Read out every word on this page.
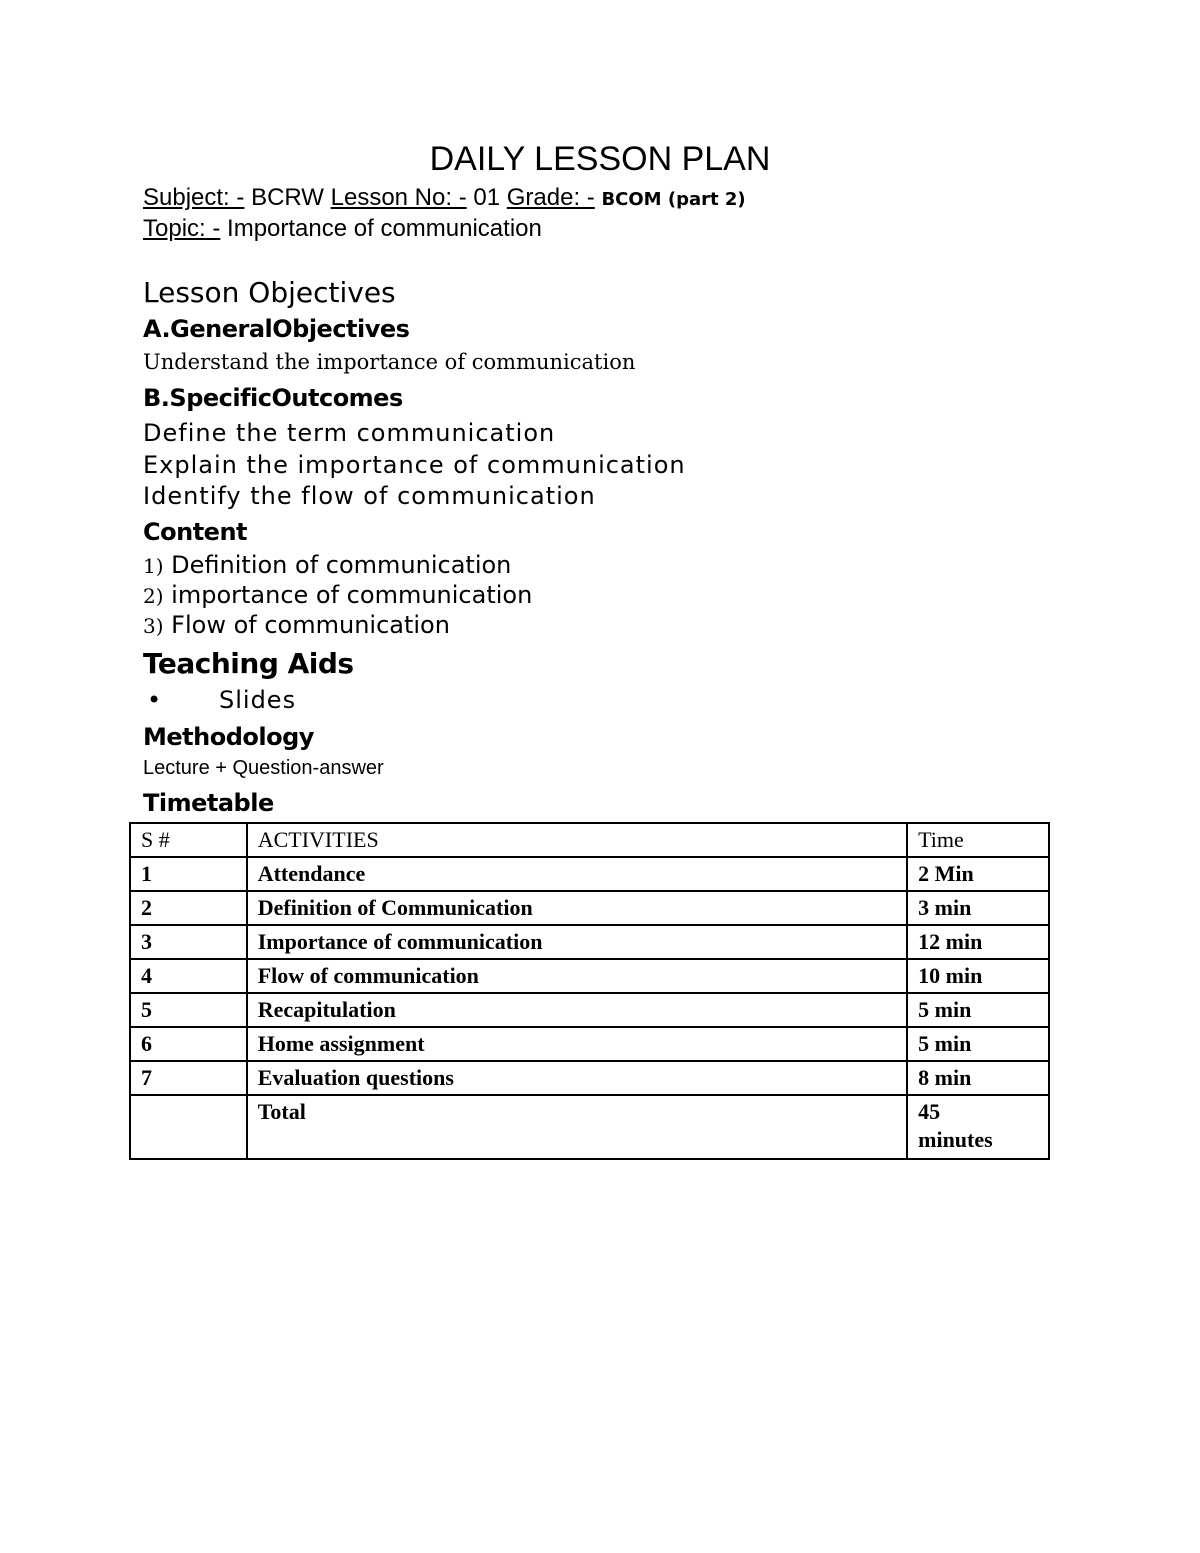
DAILY LESSON PLAN
Subject: - BCRW Lesson No: - 01 Grade: - BCOM (part 2)
Topic: - Importance of communication
Lesson Objectives
A.GeneralObjectives
Understand the importance of communication
B.SpecificOutcomes
Define the term communication
Explain the importance of communication
Identify the flow of communication
Content
1) Definition of communication
2) importance of communication
3) Flow of communication
Teaching Aids
• Slides
Methodology
Lecture + Question-answer
Timetable
S #	ACTIVITIES	Time
1	Attendance	2 Min
2	Definition of Communication	3 min
3	Importance of communication	12 min
4	Flow of communication	10 min
5	Recapitulation	5 min
6	Home assignment	5 min
7	Evaluation questions	8 min
	Total	45
minutes
